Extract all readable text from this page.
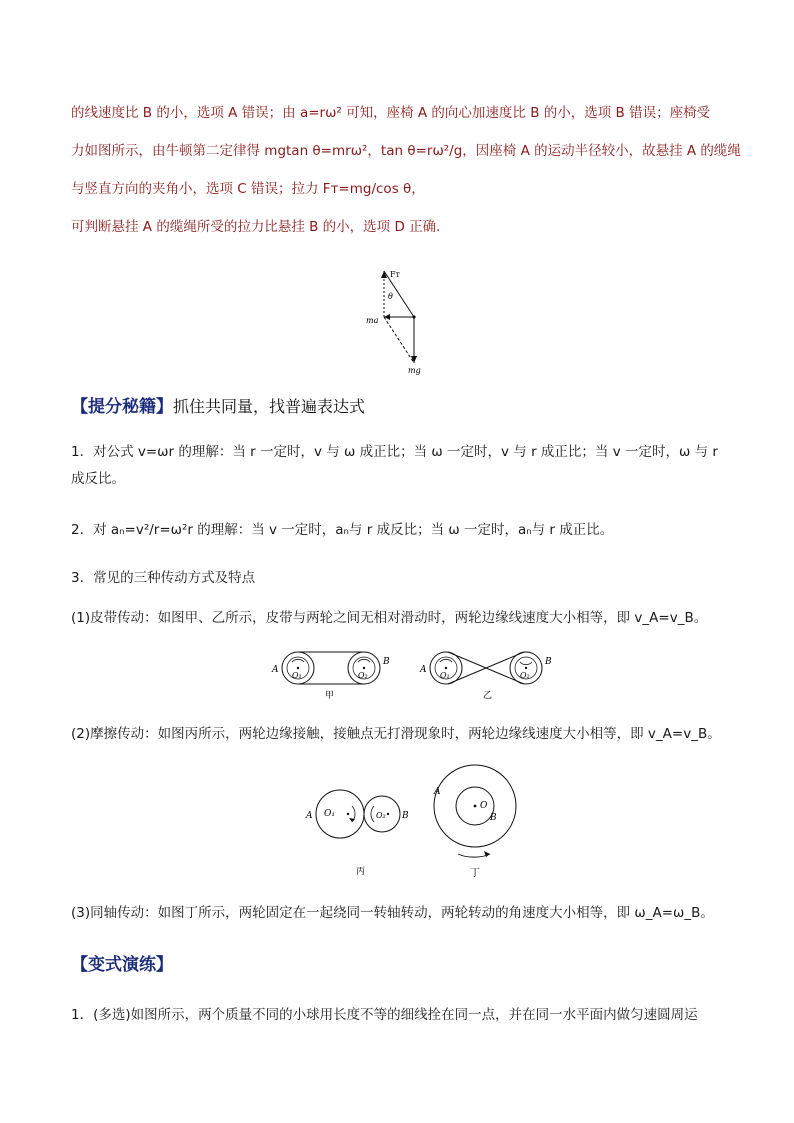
的线速度比 B 的小，选项 A 错误；由 a=rω² 可知，座椅 A 的向心加速度比 B 的小，选项 B 错误；座椅受

力如图所示，由牛顿第二定律得 mgtan θ=mrω²，tan θ=rω²/g，因座椅 A 的运动半径较小，故悬挂 A 的缆绳

与竖直方向的夹角小，选项 C 错误；拉力 Fᴛ=mg/cos θ，

可判断悬挂 A 的缆绳所受的拉力比悬挂 B 的小，选项 D 正确．

Fᴛ
θ
ma
mg

【提分秘籍】抓住共同量，找普遍表达式

1．对公式 v=ωr 的理解：当 r 一定时，v 与 ω 成正比；当 ω 一定时，v 与 r 成正比；当 v 一定时，ω 与 r

成反比。

2．对 aₙ=v²/r=ω²r 的理解：当 v 一定时，aₙ与 r 成反比；当 ω 一定时，aₙ与 r 成正比。

3．常见的三种传动方式及特点

(1)皮带传动：如图甲、乙所示，皮带与两轮之间无相对滑动时，两轮边缘线速度大小相等，即 v_A=v_B。

A
B
O₁	O₂
甲
A
B
O₁	O₂
乙

(2)摩擦传动：如图丙所示，两轮边缘接触，接触点无打滑现象时，两轮边缘线速度大小相等，即 v_A=v_B。

A	B
O₁	O₂
丙
A
B
O
丁

(3)同轴传动：如图丁所示，两轮固定在一起绕同一转轴转动，两轮转动的角速度大小相等，即 ω_A=ω_B。

【变式演练】

1．(多选)如图所示，两个质量不同的小球用长度不等的细线拴在同一点，并在同一水平面内做匀速圆周运
